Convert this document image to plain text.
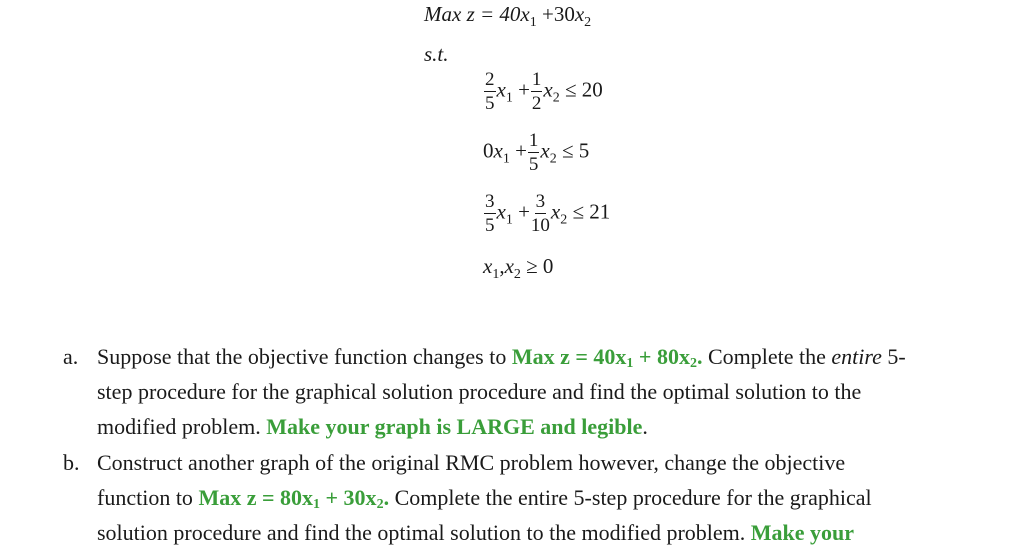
Max $z = 40x_1 +30x_2$
s.t.
$\frac{2}{5} x_1 + \frac{1}{2} x_2 \le 20$
$0x_1 + \frac{1}{5} x_2 \le 5$
$\frac{3}{5} x_1 + \frac{3}{10} x_2 \le 21$
$x_1,x_2 \ge 0$
a. Suppose that the objective function changes to Max z = 40x1 + 80x2. Complete the entire 5-
step procedure for the graphical solution procedure and find the optimal solution to the
modified problem. Make your graph is LARGE and legible.
b. Construct another graph of the original RMC problem however, change the objective
function to Max z = 80x1 + 30x2. Complete the entire 5-step procedure for the graphical
solution procedure and find the optimal solution to the modified problem. Make your
